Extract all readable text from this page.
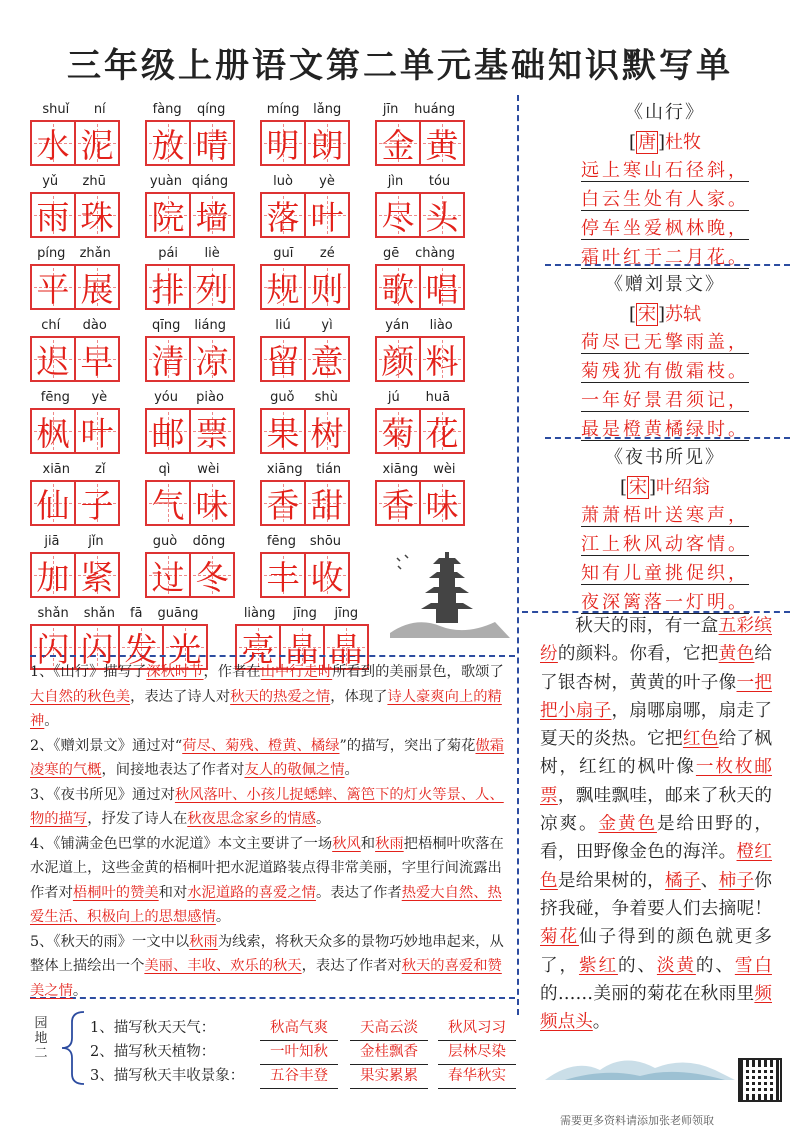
三年级上册语文第二单元基础知识默写单
shuǐ ní
水 泥
fàng qíng
放 晴
míng lǎng
明 朗
jīn huáng
金 黄
yǔ zhū
雨 珠
yuàn qiáng
院 墙
luò yè
落 叶
jìn tóu
尽 头
píng zhǎn
平 展
pái liè
排 列
guī zé
规 则
gē chàng
歌 唱
chí dào
迟 早
qīng liáng
清 凉
liú yì
留 意
yán liào
颜 料
fēng yè
枫 叶
yóu piào
邮 票
guǒ shù
果 树
jú huā
菊 花
xiān zǐ
仙 子
qì wèi
气 味
xiāng tián
香 甜
xiāng wèi
香 味
jiā jǐn
加 紧
guò dōng
过 冬
fēng shōu
丰 收
shǎn shǎn fā guāng
闪 闪 发 光
liàng jīng jīng
亮 晶 晶
《山行》
[ 唐 ]杜牧
远上寒山石径斜，
白云生处有人家。
停车坐爱枫林晚，
霜叶红于二月花。
《赠刘景文》
[ 宋 ]苏轼
荷尽已无擎雨盖，
菊残犹有傲霜枝。
一年好景君须记，
最是橙黄橘绿时。
《夜书所见》
[ 宋 ]叶绍翁
萧萧梧叶送寒声，
江上秋风动客情。
知有儿童挑促织，
夜深篱落一灯明。

1、《山行》描写了深秋时节，作者在山中行走时所看到的美丽景色，歌颂了大自然的秋色美，表达了诗人对秋天的热爱之情，体现了诗人豪爽向上的精神。

2、《赠刘景文》通过对“荷尽、菊残、橙黄、橘绿”的描写，突出了菊花傲霜凌寒的气概，间接地表达了作者对友人的敬佩之情。

3、《夜书所见》通过对秋风落叶、小孩儿捉蟋蟀、篱笆下的灯火等景、人、物的描写，抒发了诗人在秋夜思念家乡的情感。

4、《铺满金色巴掌的水泥道》本文主要讲了一场秋风和秋雨把梧桐叶吹落在水泥道上，这些金黄的梧桐叶把水泥道路装点得非常美丽，字里行间流露出作者对梧桐叶的赞美和对水泥道路的喜爱之情。表达了作者热爱大自然、热爱生活、积极向上的思想感情。

5、《秋天的雨》一文中以秋雨为线索，将秋天众多的景物巧妙地串起来，从整体上描绘出一个美丽、丰收、欢乐的秋天，表达了作者对秋天的喜爱和赞美之情。

秋天的雨，有一盒五彩缤纷的颜料。你看，它把黄色给了银杏树，黄黄的叶子像一把把小扇子，扇哪扇哪，扇走了夏天的炎热。它把红色给了枫树，红红的枫叶像一枚枚邮票，飘哇飘哇，邮来了秋天的凉爽。金黄色是给田野的，看，田野像金色的海洋。橙红色是给果树的，橘子、柿子你挤我碰，争着要人们去摘呢！菊花仙子得到的颜色就更多了，紫红的、淡黄的、雪白的……美丽的菊花在秋雨里频频点头。
园地二
1、描写秋天天气：	秋高气爽	天高云淡	秋风习习
2、描写秋天植物：	一叶知秋	金桂飘香	层林尽染
3、描写秋天丰收景象：	五谷丰登	果实累累	春华秋实
需要更多资料请添加张老师领取
